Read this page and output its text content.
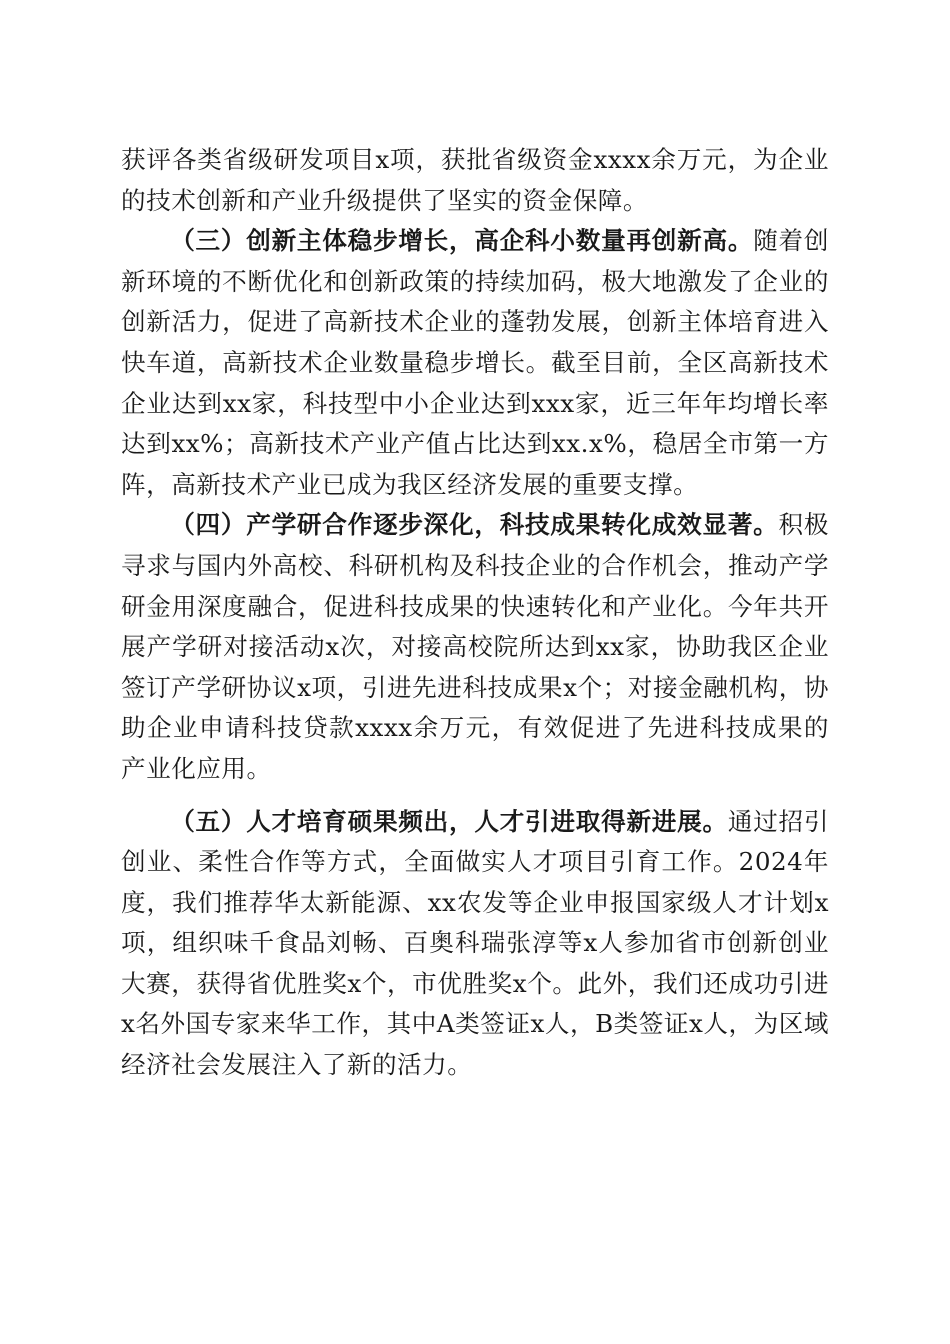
获评各类省级研发项目x项，获批省级资金xxxx余万元，为企业的技术创新和产业升级提供了坚实的资金保障。

（三）创新主体稳步增长，高企科小数量再创新高。随着创新环境的不断优化和创新政策的持续加码，极大地激发了企业的创新活力，促进了高新技术企业的蓬勃发展，创新主体培育进入快车道，高新技术企业数量稳步增长。截至目前，全区高新技术企业达到xx家，科技型中小企业达到xxx家，近三年年均增长率达到xx%；高新技术产业产值占比达到xx.x%，稳居全市第一方阵，高新技术产业已成为我区经济发展的重要支撑。

（四）产学研合作逐步深化，科技成果转化成效显著。积极寻求与国内外高校、科研机构及科技企业的合作机会，推动产学研金用深度融合，促进科技成果的快速转化和产业化。今年共开展产学研对接活动x次，对接高校院所达到xx家，协助我区企业签订产学研协议x项，引进先进科技成果x个；对接金融机构，协助企业申请科技贷款xxxx余万元，有效促进了先进科技成果的产业化应用。

（五）人才培育硕果频出，人才引进取得新进展。通过招引创业、柔性合作等方式，全面做实人才项目引育工作。2024年度，我们推荐华太新能源、xx农发等企业申报国家级人才计划x项，组织味千食品刘畅、百奥科瑞张淳等x人参加省市创新创业大赛，获得省优胜奖x个，市优胜奖x个。此外，我们还成功引进x名外国专家来华工作，其中A类签证x人，B类签证x人，为区域经济社会发展注入了新的活力。
